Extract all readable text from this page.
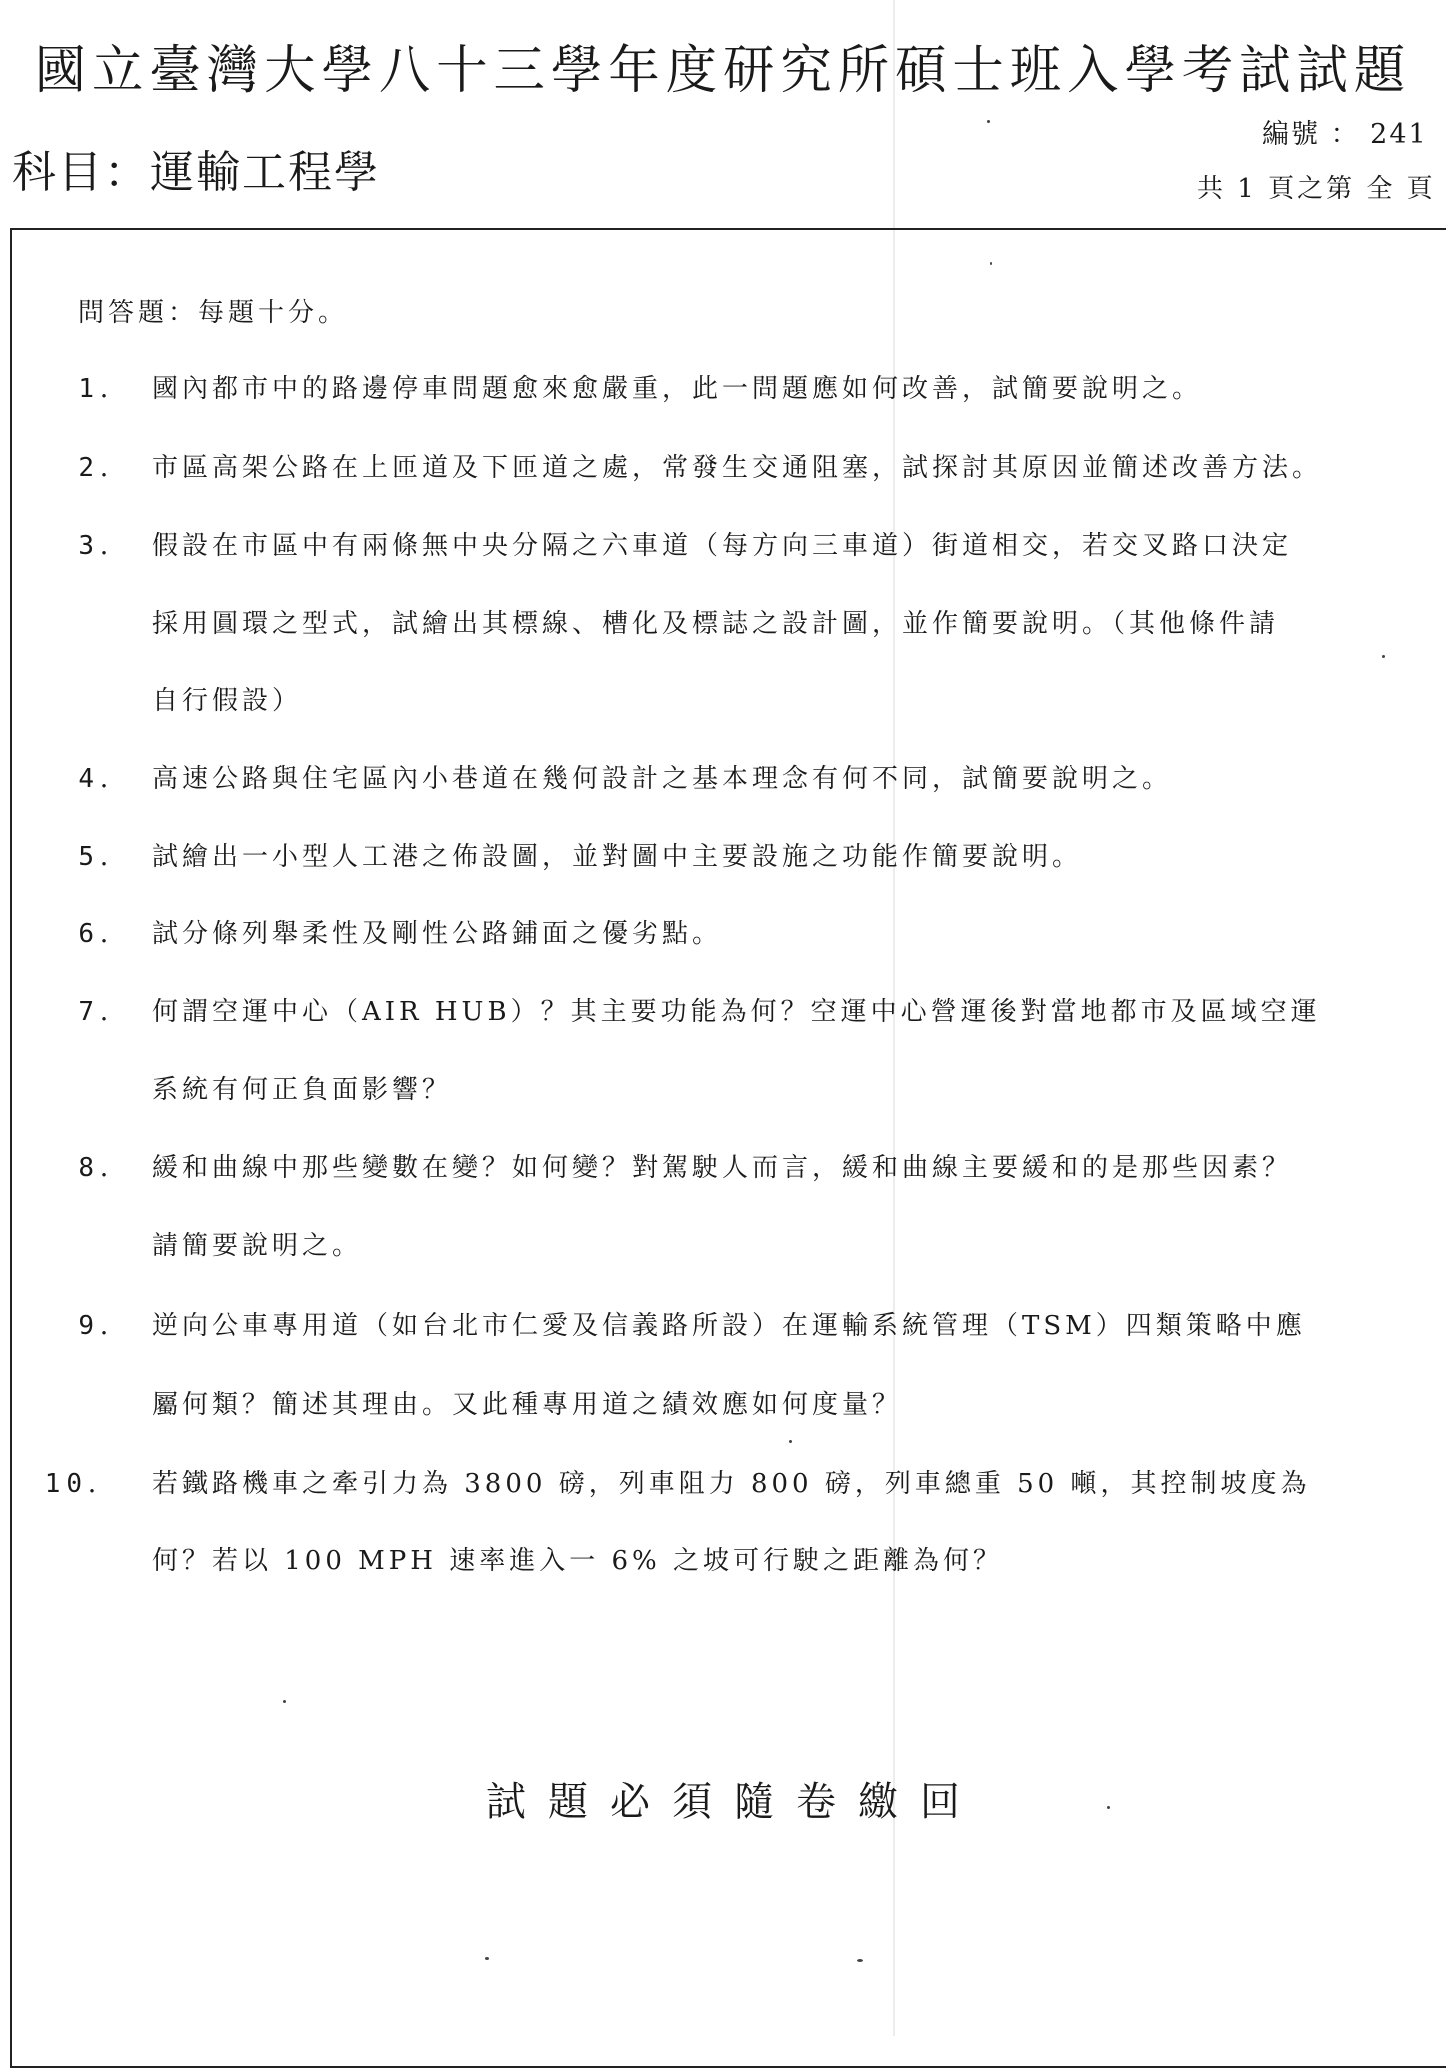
國立臺灣大學八十三學年度研究所碩士班入學考試試題
科目：運輸工程學
編號 ： 241
共 1 頁之第 全 頁
問答題：每題十分。
1． 國內都市中的路邊停車問題愈來愈嚴重，此一問題應如何改善，試簡要說明之。
2． 市區高架公路在上匝道及下匝道之處，常發生交通阻塞，試探討其原因並簡述改善方法。
3． 假設在市區中有兩條無中央分隔之六車道（每方向三車道）街道相交，若交叉路口決定
採用圓環之型式，試繪出其標線、槽化及標誌之設計圖，並作簡要說明。（其他條件請
自行假設）
4． 高速公路與住宅區內小巷道在幾何設計之基本理念有何不同，試簡要說明之。
5． 試繪出一小型人工港之佈設圖，並對圖中主要設施之功能作簡要說明。
6． 試分條列舉柔性及剛性公路鋪面之優劣點。
7． 何謂空運中心（AIR HUB）？其主要功能為何？空運中心營運後對當地都市及區域空運
系統有何正負面影響？
8． 緩和曲線中那些變數在變？如何變？對駕駛人而言，緩和曲線主要緩和的是那些因素？
請簡要說明之。
9． 逆向公車專用道（如台北市仁愛及信義路所設）在運輸系統管理（TSM）四類策略中應
屬何類？簡述其理由。又此種專用道之績效應如何度量？
10． 若鐵路機車之牽引力為 3800 磅，列車阻力 800 磅，列車總重 50 噸，其控制坡度為
何？若以 100 MPH 速率進入一 6% 之坡可行駛之距離為何？
試題必須隨卷繳回
